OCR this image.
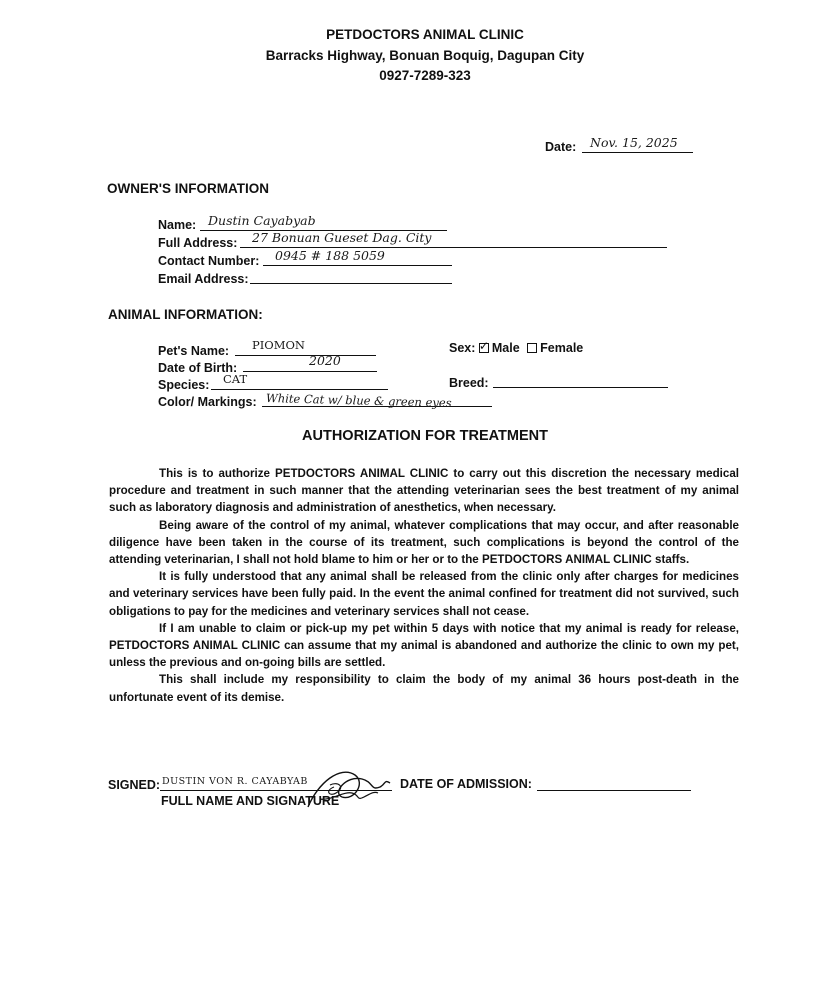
PETDOCTORS ANIMAL CLINIC
Barracks Highway, Bonuan Boquig, Dagupan City
0927-7289-323
Date: Nov. 15, 2025
OWNER'S INFORMATION
Name: Dustin Cayabyab
Full Address: 27 Bonuan Gueset Dag. City
Contact Number: 0945 # 188 5059
Email Address:
ANIMAL INFORMATION:
Pet's Name: PIOMON
Date of Birth:	2020
Species: CAT
Color/ Markings: White Cat w/ blue & green eyes
Sex: ✓ Male Female
Breed:
AUTHORIZATION FOR TREATMENT

This is to authorize PETDOCTORS ANIMAL CLINIC to carry out this discretion the necessary medical procedure and treatment in such manner that the attending veterinarian sees the best treatment of my animal such as laboratory diagnosis and administration of anesthetics, when necessary.

Being aware of the control of my animal, whatever complications that may occur, and after reasonable diligence have been taken in the course of its treatment, such complications is beyond the control of the attending veterinarian, I shall not hold blame to him or her or to the PETDOCTORS ANIMAL CLINIC staffs.

It is fully understood that any animal shall be released from the clinic only after charges for medicines and veterinary services have been fully paid. In the event the animal confined for treatment did not survived, such obligations to pay for the medicines and veterinary services shall not cease.

If I am unable to claim or pick-up my pet within 5 days with notice that my animal is ready for release, PETDOCTORS ANIMAL CLINIC can assume that my animal is abandoned and authorize the clinic to own my pet, unless the previous and on-going bills are settled.

This shall include my responsibility to claim the body of my animal 36 hours post-death in the unfortunate event of its demise.

SIGNED: DUSTIN VON R. CAYABYAB
FULL NAME AND SIGNATURE
DATE OF ADMISSION:
